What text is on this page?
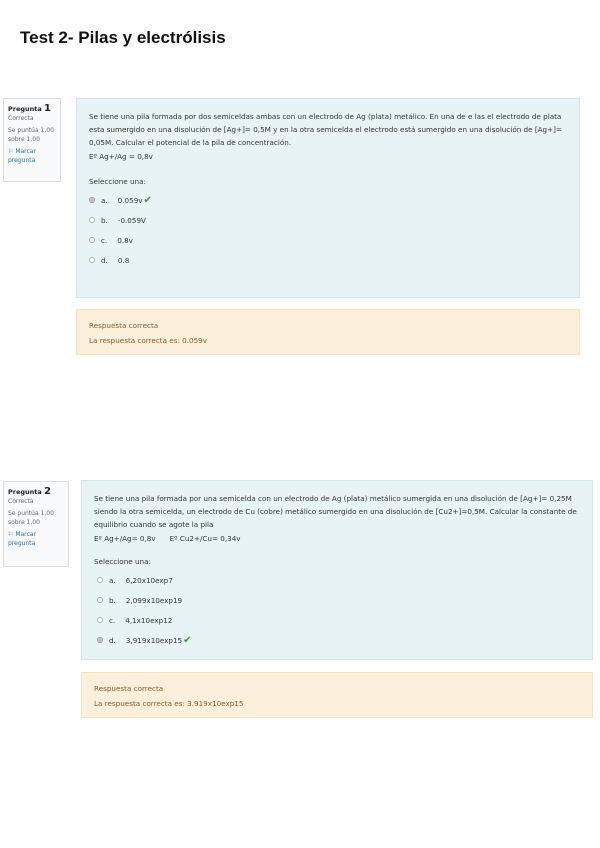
Test 2- Pilas y electrólisis
Pregunta 1
Correcta
Se puntúa 1,00 sobre 1,00
⚐ Marcar pregunta

Se tiene una pila formada por dos semiceldas ambas con un electrodo de Ag (plata) metálico. En una de e las el electrodo de plata esta sumergido en una disolución de [Ag+]= 0,5M y en la otra semicelda el electrodo está sumergido en una disolución de [Ag+]= 0,05M. Calcular el potencial de la pila de concentración.

Eº Ag+/Ag = 0,8v
Seleccione una:
a. 0.059v ✔
b. -0.059V
c. 0.8v
d. 0.8
Respuesta correcta
La respuesta correcta es: 0.059v
Pregunta 2
Correcta
Se puntúa 1,00 sobre 1,00
⚐ Marcar pregunta

Se tiene una pila formada por una semicelda con un electrodo de Ag (plata) metálico sumergida en una disolución de [Ag+]= 0,25M siendo la otra semicelda, un electrodo de Cu (cobre) metálico sumergido en una disolución de [Cu2+]=0,5M. Calcular la constante de equilibrio cuando se agote la pila

Eº Ag+/Ag= 0,8v Eº Cu2+/Cu= 0,34v
Seleccione una:
a. 6,20x10exp7
b. 2,099x10exp19
c. 4,1x10exp12
d. 3,919x10exp15 ✔
Respuesta correcta
La respuesta correcta es: 3.919x10exp15
